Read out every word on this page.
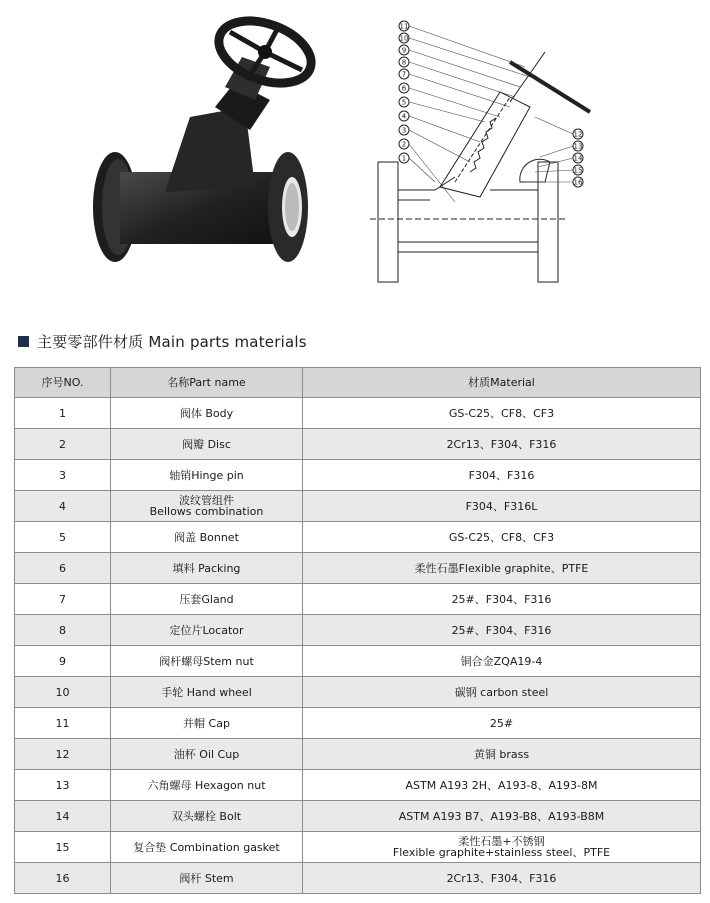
11
10
9
8
7
6
5
4
3
2
1
12
13
14
15
16
主要零部件材质 Main parts materials
序号NO.	名称Part name	材质Material
1	阀体 Body	GS-C25、CF8、CF3

2	阀瓣 Disc	2Cr13、F304、F316

3	轴销Hinge pin	F304、F316

4	波纹管组件
Bellows combination	F304、F316L

5	阀盖 Bonnet	GS-C25、CF8、CF3

6	填料 Packing	柔性石墨Flexible graphite、PTFE

7	压套Gland	25#、F304、F316

8	定位片Locator	25#、F304、F316

9	阀杆螺母Stem nut	铜合金ZQA19-4

10	手轮 Hand wheel	碳钢 carbon steel

11	并帽 Cap	25#

12	油杯 Oil Cup	黄铜 brass

13	六角螺母 Hexagon nut	ASTM A193 2H、A193-8、A193-8M

14	双头螺栓 Bolt	ASTM A193 B7、A193-B8、A193-B8M

15	复合垫 Combination gasket	柔性石墨+不锈钢
Flexible graphite+stainless steel、PTFE

16	阀杆 Stem	2Cr13、F304、F316
